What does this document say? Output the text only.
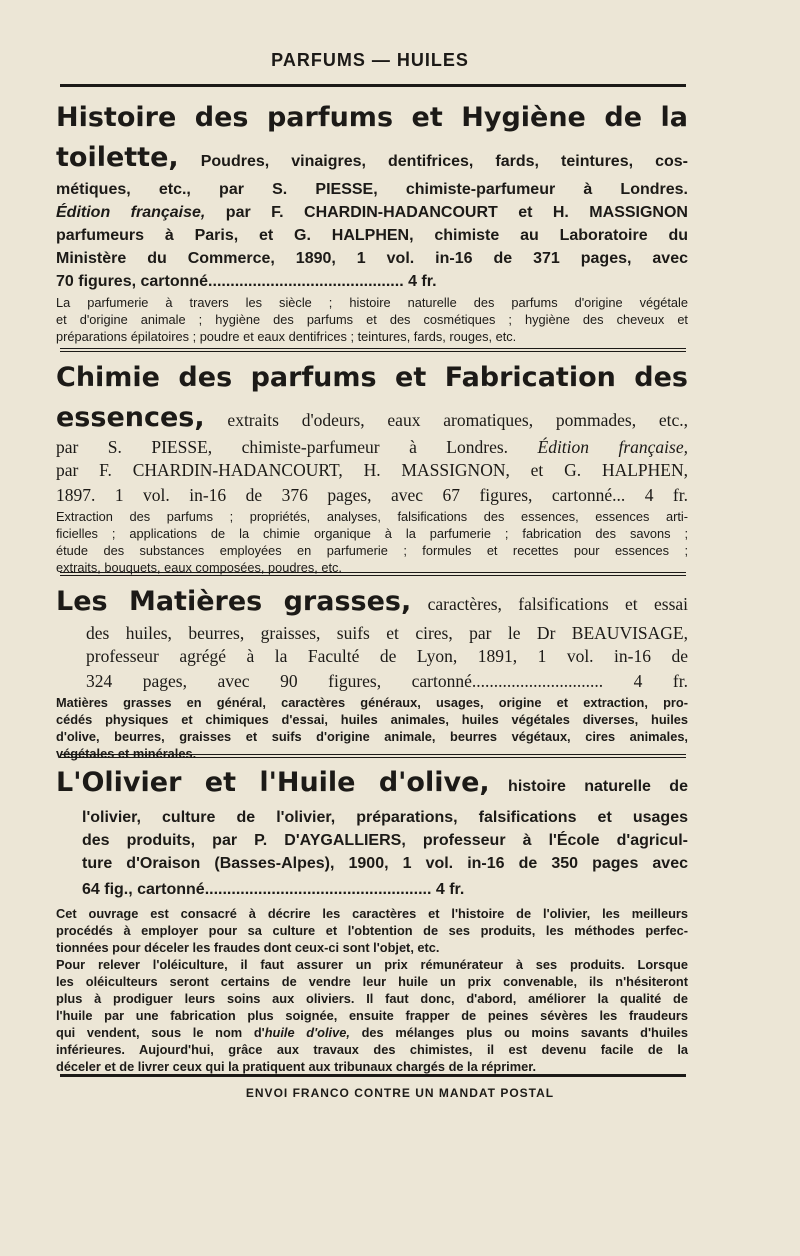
PARFUMS — HUILES
Histoire des parfums et Hygiène de la
toilette, Poudres, vinaigres, dentifrices, fards, teintures, cos-
métiques, etc., par S. PIESSE, chimiste-parfumeur à Londres.
Édition française, par F. CHARDIN-HADANCOURT et H. MASSIGNON
parfumeurs à Paris, et G. HALPHEN, chimiste au Laboratoire du
Ministère du Commerce, 1890, 1 vol. in-16 de 371 pages, avec
70 figures, cartonné............................................ 4 fr.
La parfumerie à travers les siècle ; histoire naturelle des parfums d'origine végétale
et d'origine animale ; hygiène des parfums et des cosmétiques ; hygiène des cheveux et
préparations épilatoires ; poudre et eaux dentifrices ; teintures, fards, rouges, etc.
Chimie des parfums et Fabrication des
essences, extraits d'odeurs, eaux aromatiques, pommades, etc.,
par S. PIESSE, chimiste-parfumeur à Londres. Édition française,
par F. CHARDIN-HADANCOURT, H. MASSIGNON, et G. HALPHEN,
1897. 1 vol. in-16 de 376 pages, avec 67 figures, cartonné... 4 fr.
Extraction des parfums ; propriétés, analyses, falsifications des essences, essences arti-
ficielles ; applications de la chimie organique à la parfumerie ; fabrication des savons ;
étude des substances employées en parfumerie ; formules et recettes pour essences ;
extraits, bouquets, eaux composées, poudres, etc.
Les Matières grasses, caractères, falsifications et essai
des huiles, beurres, graisses, suifs et cires, par le Dr BEAUVISAGE,
professeur agrégé à la Faculté de Lyon, 1891, 1 vol. in-16 de
324 pages, avec 90 figures, cartonné.............................. 4 fr.
Matières grasses en général, caractères généraux, usages, origine et extraction, pro-
cédés physiques et chimiques d'essai, huiles animales, huiles végétales diverses, huiles
d'olive, beurres, graisses et suifs d'origine animale, beurres végétaux, cires animales,
végétales et minérales.
L'Olivier et l'Huile d'olive, histoire naturelle de
l'olivier, culture de l'olivier, préparations, falsifications et usages
des produits, par P. D'AYGALLIERS, professeur à l'École d'agricul-
ture d'Oraison (Basses-Alpes), 1900, 1 vol. in-16 de 350 pages avec
64 fig., cartonné................................................... 4 fr.
Cet ouvrage est consacré à décrire les caractères et l'histoire de l'olivier, les meilleurs
procédés à employer pour sa culture et l'obtention de ses produits, les méthodes perfec-
tionnées pour déceler les fraudes dont ceux-ci sont l'objet, etc.
Pour relever l'oléiculture, il faut assurer un prix rémunérateur à ses produits. Lorsque
les oléiculteurs seront certains de vendre leur huile un prix convenable, ils n'hésiteront
plus à prodiguer leurs soins aux oliviers. Il faut donc, d'abord, améliorer la qualité de
l'huile par une fabrication plus soignée, ensuite frapper de peines sévères les fraudeurs
qui vendent, sous le nom d'huile d'olive, des mélanges plus ou moins savants d'huiles
inférieures. Aujourd'hui, grâce aux travaux des chimistes, il est devenu facile de la
déceler et de livrer ceux qui la pratiquent aux tribunaux chargés de la réprimer.
ENVOI FRANCO CONTRE UN MANDAT POSTAL
